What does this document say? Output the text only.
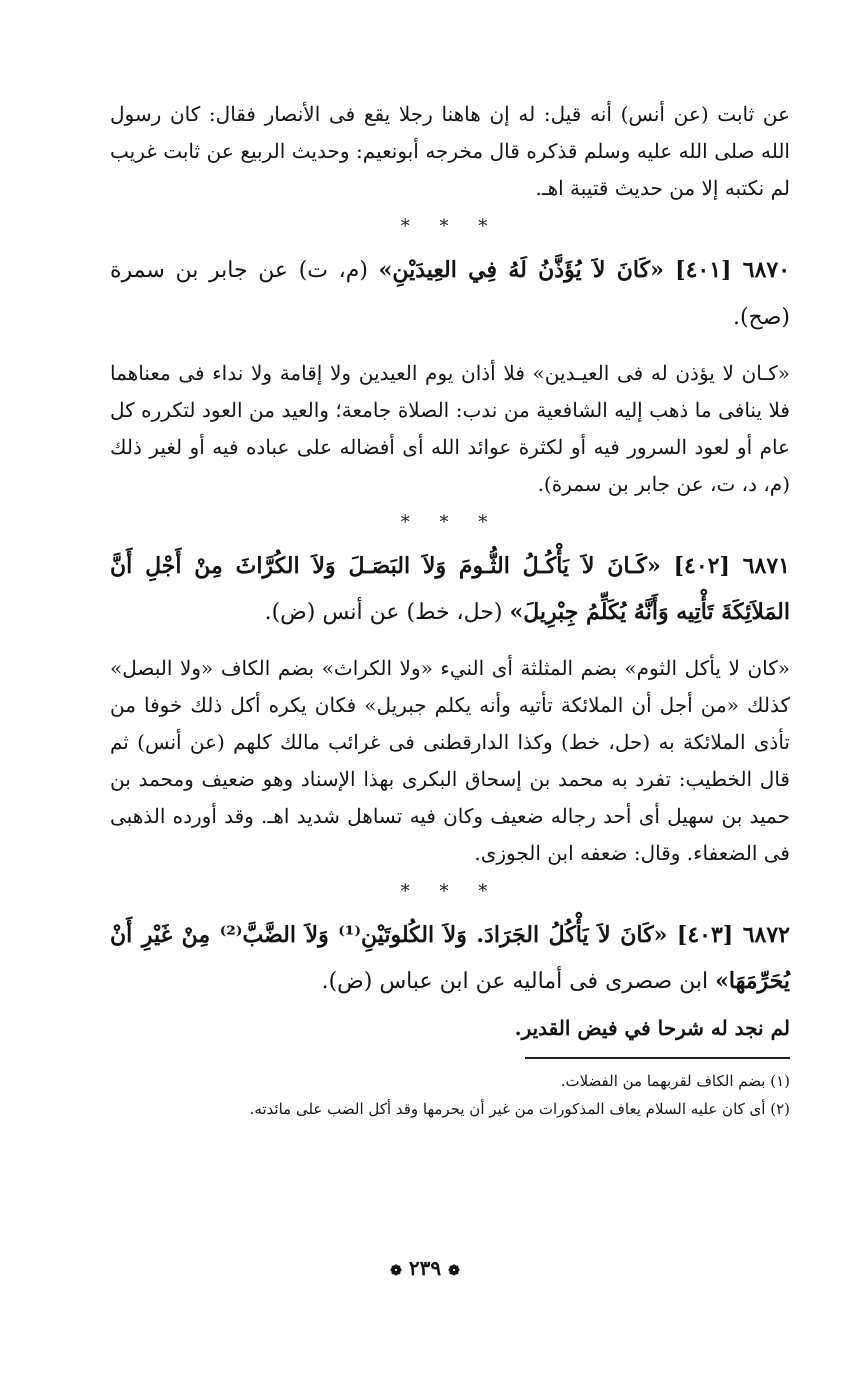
عن ثابت (عن أنس) أنه قيل: له إن هاهنا رجلا يقع فى الأنصار فقال: كان رسول الله صلى الله عليه وسلم قذكره قال مخرجه أبونعيم: وحديث الربيع عن ثابت غريب لم نكتبه إلا من حديث قتيبة اهـ.

* * *

٦٨٧٠ [٤٠١] «كَانَ لاَ يُؤَذَّنُ لَهُ فِي العِيدَيْنِ» (م، ت) عن جابر بن سمرة (صح).

«كـان لا يؤذن له فى العيـدين» فلا أذان يوم العيدين ولا إقامة ولا نداء فى معناهما فلا ينافى ما ذهب إليه الشافعية من ندب: الصلاة جامعة؛ والعيد من العود لتكرره كل عام أو لعود السرور فيه أو لكثرة عوائد الله أى أفضاله على عباده فيه أو لغير ذلك (م، د، ت، عن جابر بن سمرة).

* * *

٦٨٧١ [٤٠٢] «كَـانَ لاَ يَأْكُـلُ الثُّـومَ وَلاَ البَصَـلَ وَلاَ الكُرَّاثَ مِنْ أَجْلِ أَنَّ المَلاَئِكَةَ تَأْتِيه وَأَنَّهُ يُكَلِّمُ جِبْرِيلَ» (حل، خط) عن أنس (ض).

«كان لا يأكل الثوم» بضم المثلثة أى النيء «ولا الكراث» بضم الكاف «ولا البصل» كذلك «من أجل أن الملائكة تأتيه وأنه يكلم جبريل» فكان يكره أكل ذلك خوفا من تأذى الملائكة به (حل، خط) وكذا الدارقطنى فى غرائب مالك كلهم (عن أنس) ثم قال الخطيب: تفرد به محمد بن إسحاق البكرى بهذا الإسناد وهو ضعيف ومحمد بن حميد بن سهيل أى أحد رجاله ضعيف وكان فيه تساهل شديد اهـ. وقد أورده الذهبى فى الضعفاء. وقال: ضعفه ابن الجوزى.

* * *

٦٨٧٢ [٤٠٣] «كَانَ لاَ يَأْكُلُ الجَرَادَ. وَلاَ الكُلوتَيْنِ⁽¹⁾ وَلاَ الضَّبَّ⁽²⁾ مِنْ غَيْرِ أَنْ يُحَرِّمَهَا» ابن صصرى فى أماليه عن ابن عباس (ض).

لم نجد له شرحا في فيض القدير.

(١) بضم الكاف لقربهما من الفضلات.

(٢) أى كان عليه السلام يعاف المذكورات من غير أن يحرمها وقد أكل الضب على مائدته.

❁ ٢٣٩ ❁
